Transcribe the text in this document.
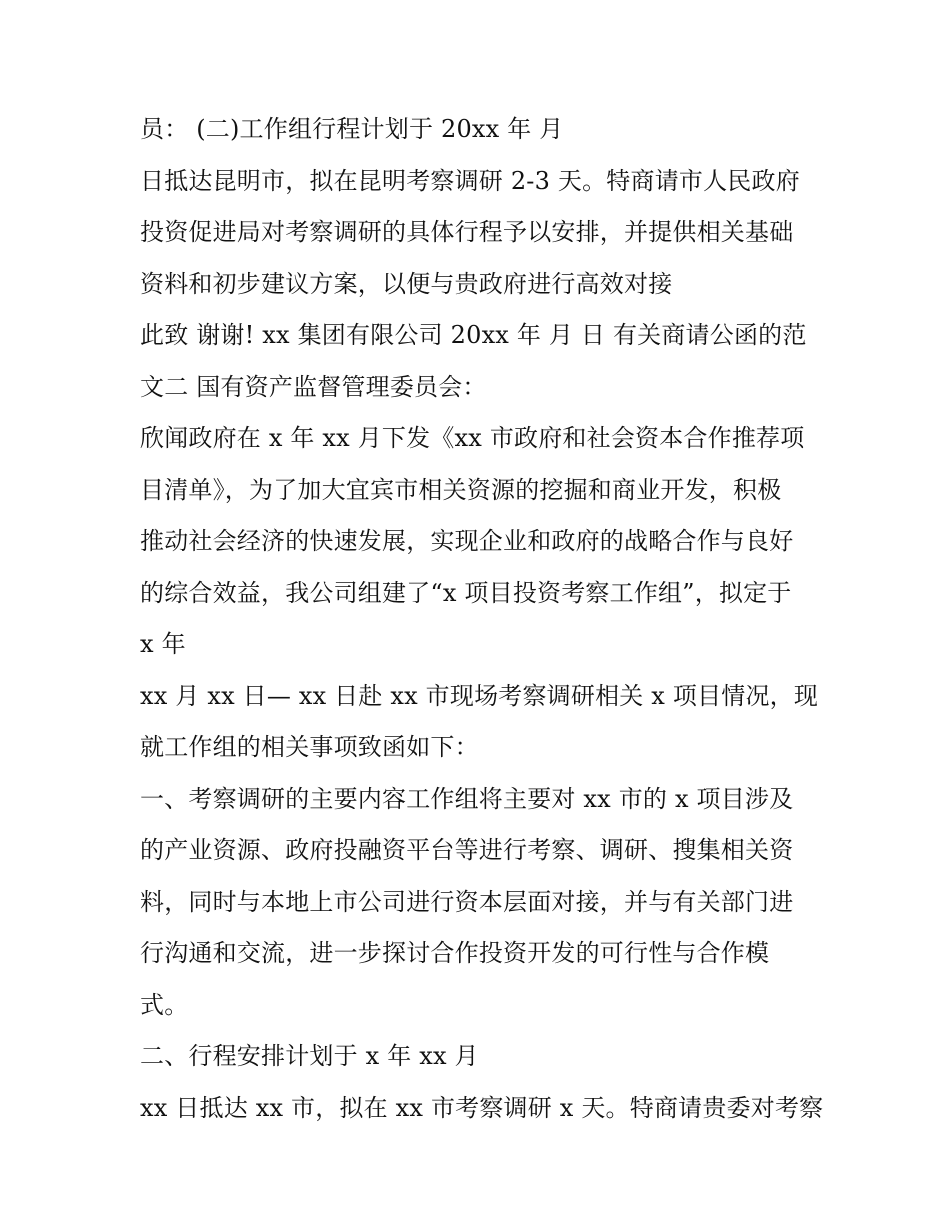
员： (二)工作组行程计划于 20xx 年 月
日抵达昆明市，拟在昆明考察调研 2-3 天。特商请市人民政府
投资促进局对考察调研的具体行程予以安排，并提供相关基础
资料和初步建议方案，以便与贵政府进行高效对接
此致 谢谢! xx 集团有限公司 20xx 年 月 日 有关商请公函的范
文二 国有资产监督管理委员会：
欣闻政府在 x 年 xx 月下发《xx 市政府和社会资本合作推荐项
目清单》，为了加大宜宾市相关资源的挖掘和商业开发，积极
推动社会经济的快速发展，实现企业和政府的战略合作与良好
的综合效益，我公司组建了“x 项目投资考察工作组”，拟定于
x 年
xx 月 xx 日— xx 日赴 xx 市现场考察调研相关 x 项目情况，现
就工作组的相关事项致函如下：
一、考察调研的主要内容工作组将主要对 xx 市的 x 项目涉及
的产业资源、政府投融资平台等进行考察、调研、搜集相关资
料，同时与本地上市公司进行资本层面对接，并与有关部门进
行沟通和交流，进一步探讨合作投资开发的可行性与合作模
式。
二、行程安排计划于 x 年 xx 月
xx 日抵达 xx 市，拟在 xx 市考察调研 x 天。特商请贵委对考察
